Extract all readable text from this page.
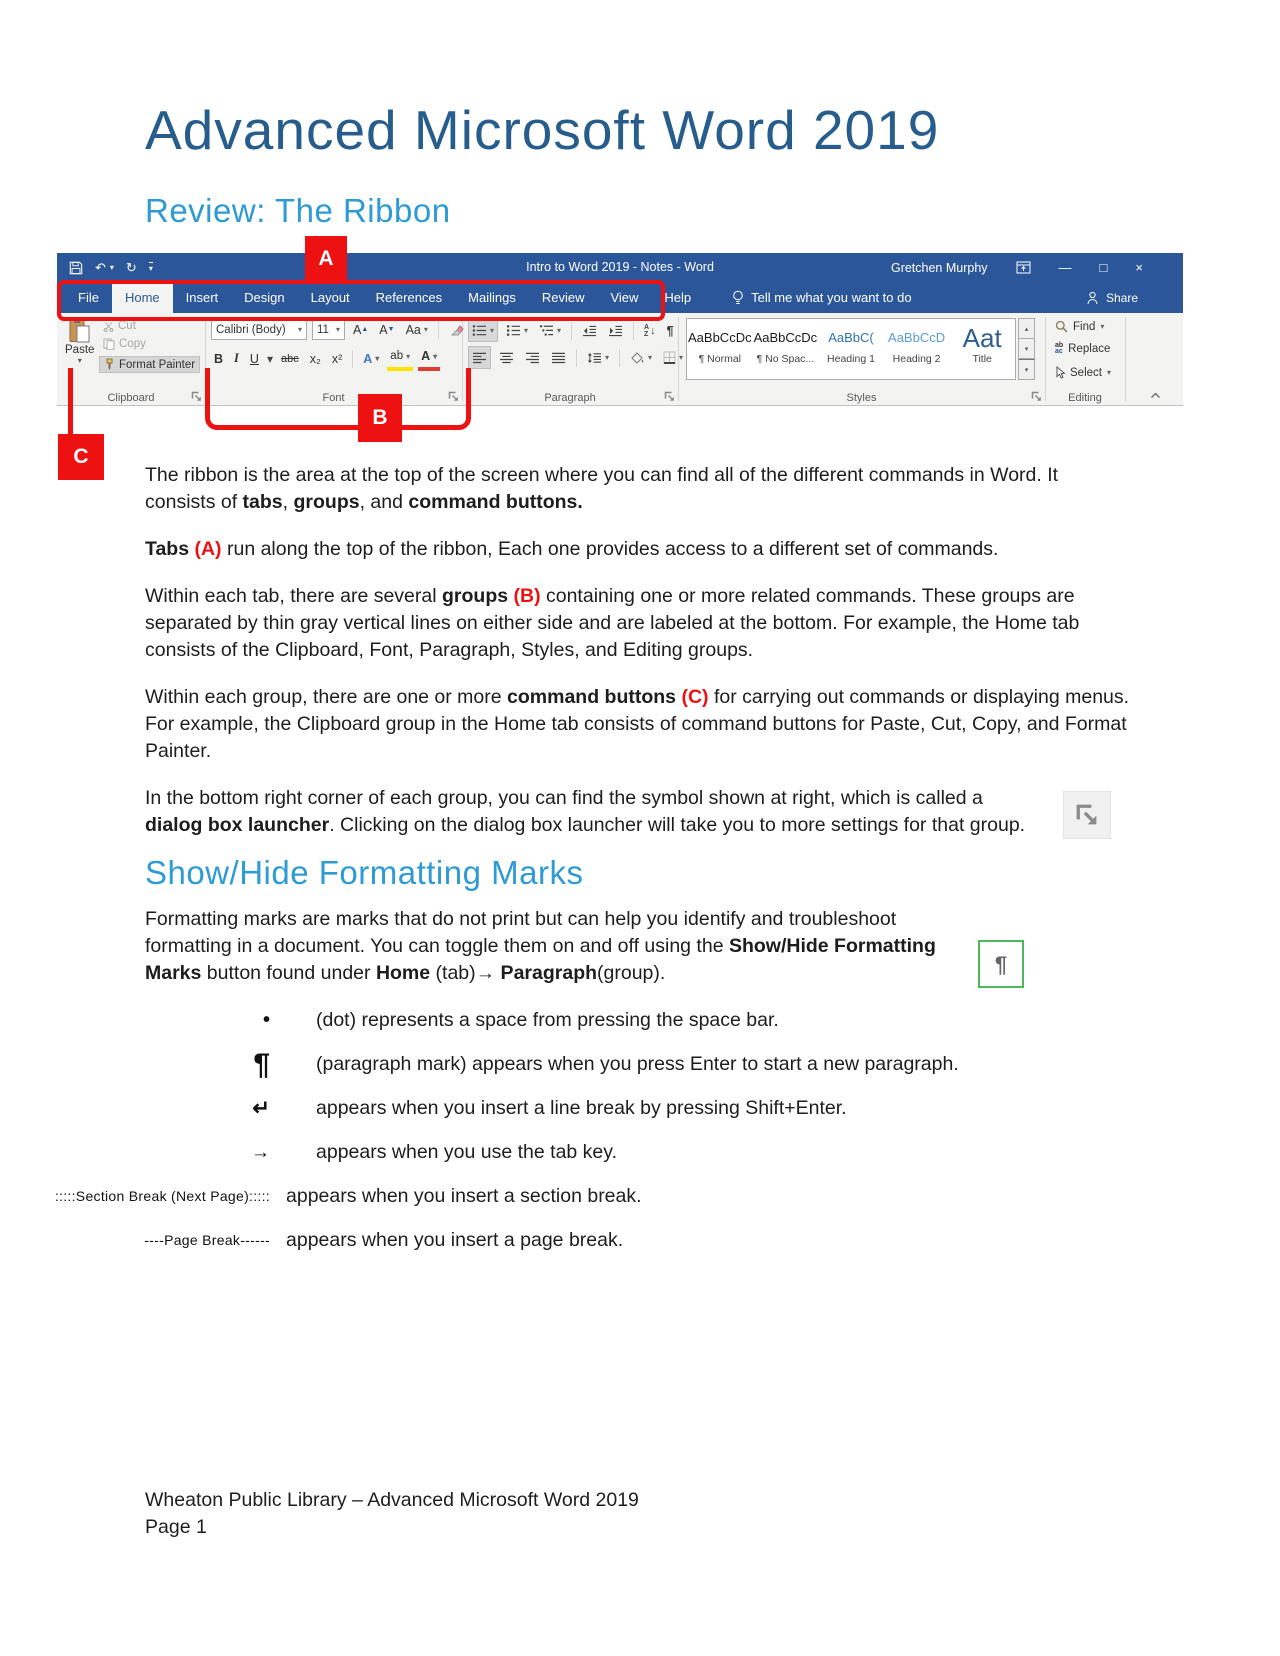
Advanced Microsoft Word 2019
Review: The Ribbon
↶ ▾ ↻ ▾	Intro to Word 2019 - Notes - Word	Gretchen Murphy	— □ ×
File	Home	Insert	Design	Layout	References	Mailings	Review	View	Help	Tell me what you want to do	Share
Paste
▾
Cut
Copy
Format Painter
Clipboard
Calibri (Body) ▾ 11 ▾ A ▲ A ▼ Aa ▾
B I U ▾ abc x₂ x² A ▾ ab ▾ A ▾
Font
▾	▾	▾	A
Z ↓ ¶
▾	▾	▾
Paragraph
AaBbCcDc
¶ Normal
AaBbCcDc
¶ No Spac...
AaBbC(
Heading 1
AaBbCcD
Heading 2
Aat
Title
▴
▾
▾
Styles
Find ▾
ab
ac Replace
Select ▾
Editing
A
B
C

The ribbon is the area at the top of the screen where you can find all of the different commands in Word. It consists of tabs, groups, and command buttons.

Tabs (A) run along the top of the ribbon, Each one provides access to a different set of commands.

Within each tab, there are several groups (B) containing one or more related commands. These groups are separated by thin gray vertical lines on either side and are labeled at the bottom. For example, the Home tab consists of the Clipboard, Font, Paragraph, Styles, and Editing groups.

Within each group, there are one or more command buttons (C) for carrying out commands or displaying menus. For example, the Clipboard group in the Home tab consists of command buttons for Paste, Cut, Copy, and Format Painter.

In the bottom right corner of each group, you can find the symbol shown at right, which is called a dialog box launcher. Clicking on the dialog box launcher will take you to more settings for that group.

Show/Hide Formatting Marks

Formatting marks are marks that do not print but can help you identify and troubleshoot formatting in a document. You can toggle them on and off using the Show/Hide Formatting Marks button found under Home (tab)→ Paragraph(group).	¶
•	(dot) represents a space from pressing the space bar.
¶	(paragraph mark) appears when you press Enter to start a new paragraph.
↵	appears when you insert a line break by pressing Shift+Enter.
→	appears when you use the tab key.
:::::Section Break (Next Page)::::: appears when you insert a section break.
----Page Break------ appears when you insert a page break.
Wheaton Public Library – Advanced Microsoft Word 2019
Page 1
